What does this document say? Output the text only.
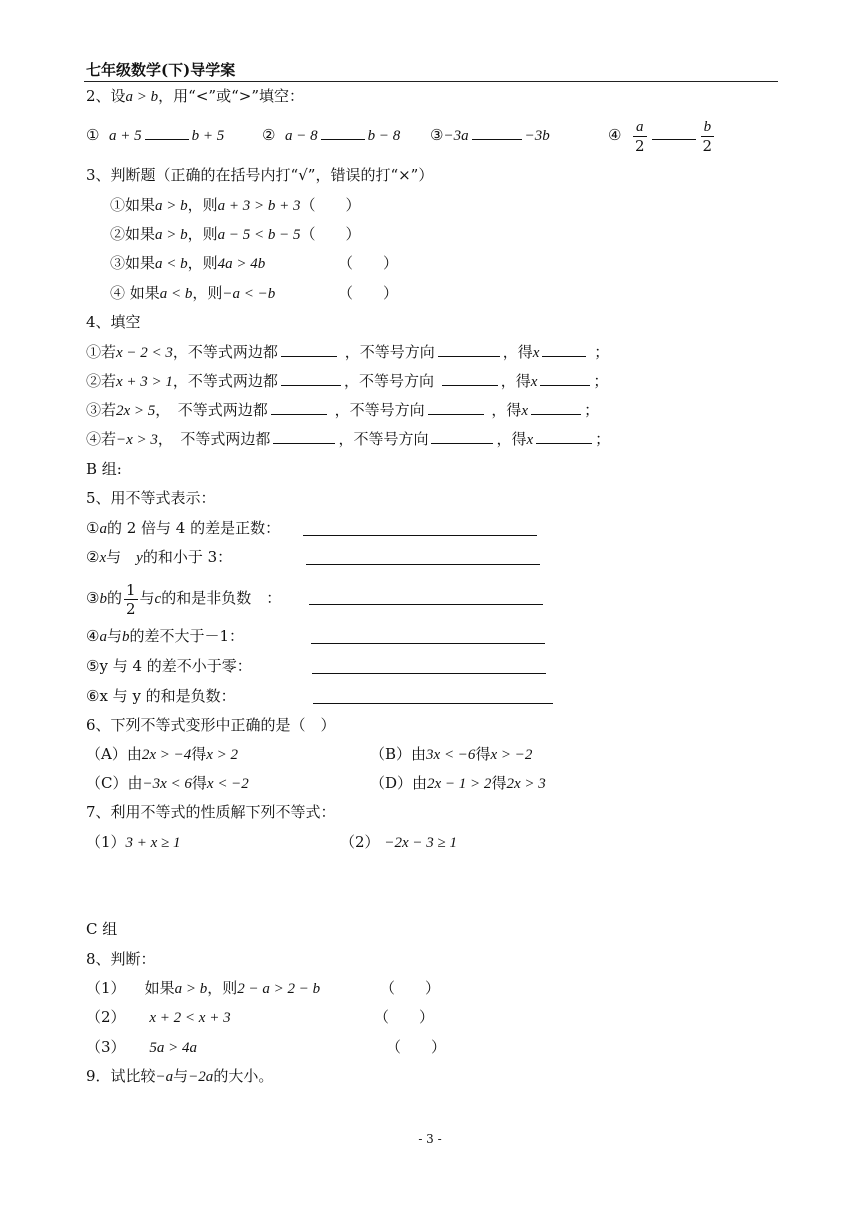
七年级数学(下)导学案
2、设a > b，用“<”或“>”填空：
① a + 5	b + 5	② a − 8	b − 8 ③−3a	−3b	④ $\frac{a}{2}$	$\frac{b}{2}$
3、判断题（正确的在括号内打“√”，错误的打“×”）
①如果a > b，则a + 3 > b + 3（　　）
②如果a > b，则a − 5 < b − 5（　　）
③如果a < b，则4a > 4b	（　　）
④ 如果a < b，则−a < −b	（　　）
4、填空
①若x − 2 < 3，不等式两边都	，不等号方向	，得x	；
②若x + 3 > 1，不等式两边都	，不等号方向	，得x	；
③若2x > 5，　不等式两边都	，不等号方向	，得x	；
④若−x > 3，　不等式两边都	，不等号方向	，得x	；
B 组:
5、用不等式表示：
①a的 2 倍与 4 的差是正数：
②x与　y的和小于 3：
③b的 $\frac{1}{2}$ 与c的和是非负数　：
④a与b的差不大于－1：
⑤y 与 4 的差不小于零：
⑥x 与 y 的和是负数：
6、下列不等式变形中正确的是（　）
（A）由2x > −4得x > 2	（B）由3x < −6得x > −2
（C）由−3x < 6得x < −2	（D）由2x − 1 > 2得2x > 3
7、利用不等式的性质解下列不等式：
（1）3 + x ≥ 1	（2） −2x − 3 ≥ 1
C 组
8、判断：
（1） 如果a > b，则2 − a > 2 − b	（　　）
（2） x + 2 < x + 3	（　　）
（3） 5a > 4a	（　　）
9．试比较−a与−2a的大小。
- 3 -
